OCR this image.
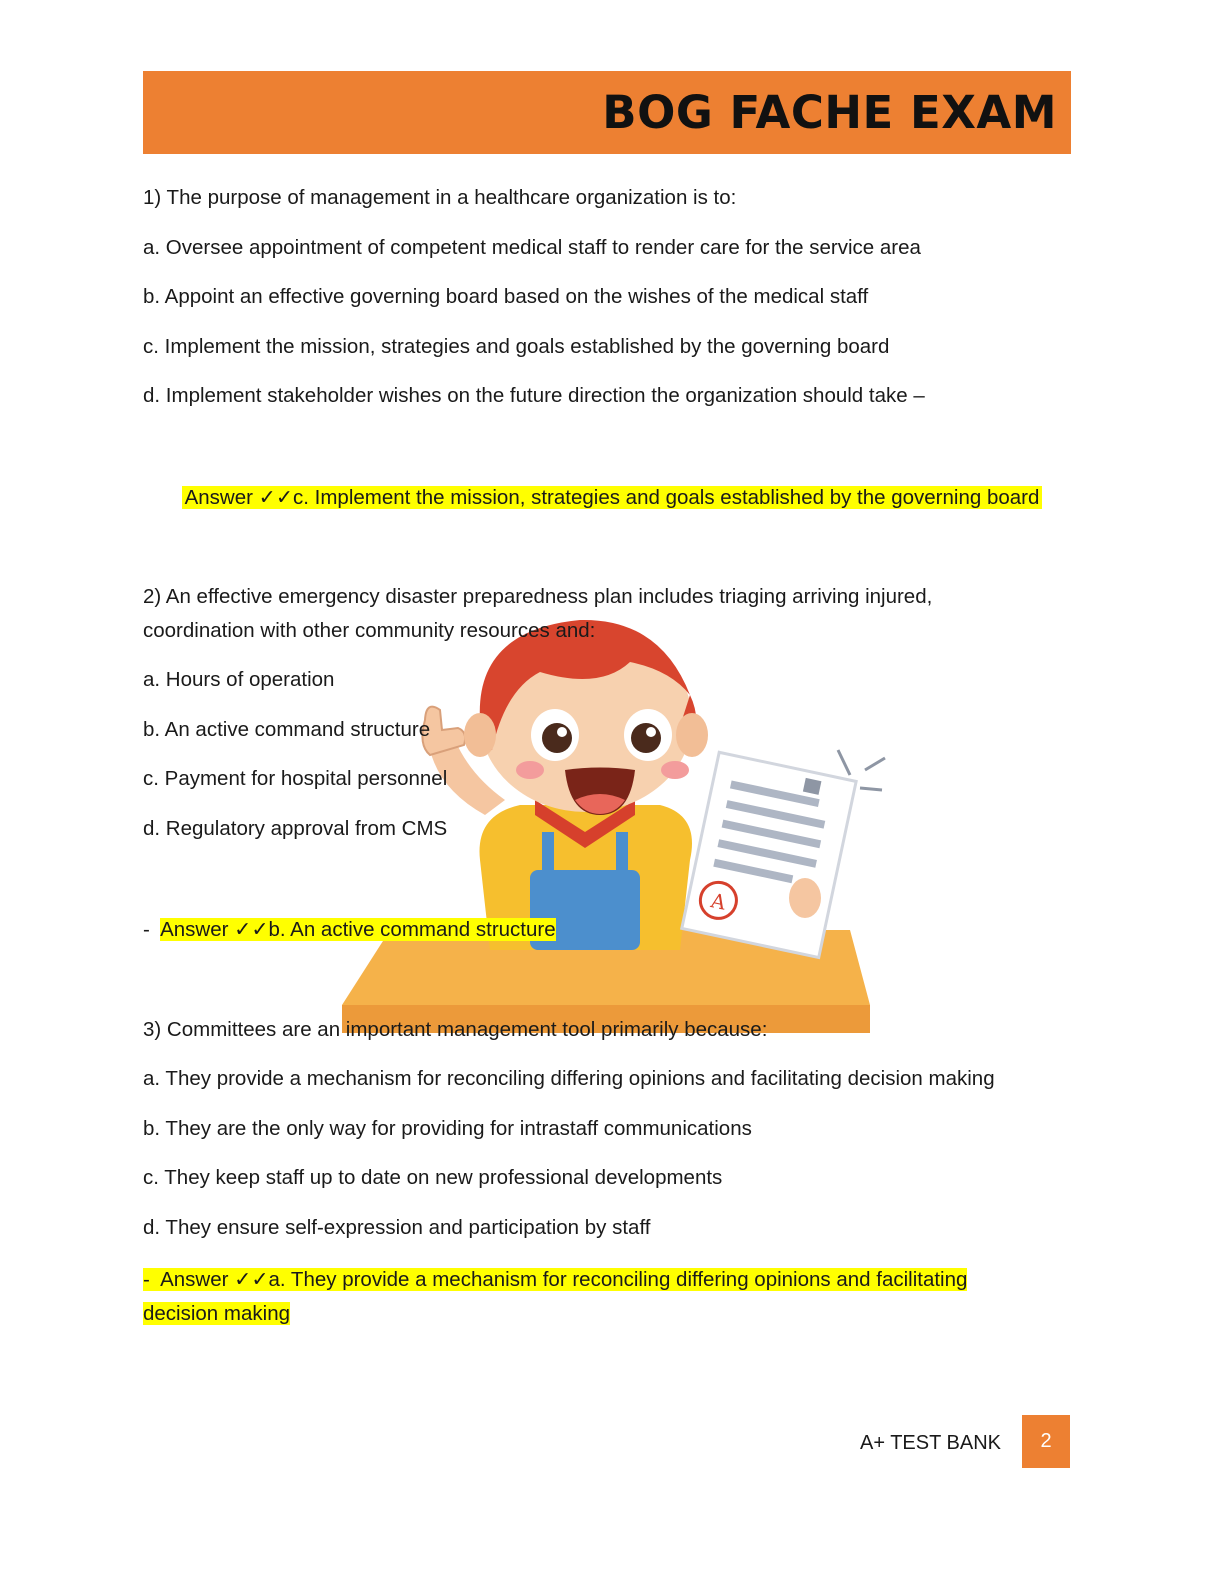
BOG FACHE EXAM
A
1) The purpose of management in a healthcare organization is to:
a. Oversee appointment of competent medical staff to render care for the service area
b. Appoint an effective governing board based on the wishes of the medical staff
c. Implement the mission, strategies and goals established by the governing board
d. Implement stakeholder wishes on the future direction the organization should take –
Answer ✓✓c. Implement the mission, strategies and goals established by the governing board
2) An effective emergency disaster preparedness plan includes triaging arriving injured,
coordination with other community resources and:
a. Hours of operation
b. An active command structure
c. Payment for hospital personnel
d. Regulatory approval from CMS
- Answer ✓✓b. An active command structure
3) Committees are an important management tool primarily because:
a. They provide a mechanism for reconciling differing opinions and facilitating decision making
b. They are the only way for providing for intrastaff communications
c. They keep staff up to date on new professional developments
d. They ensure self-expression and participation by staff
- Answer ✓✓a. They provide a mechanism for reconciling differing opinions and facilitating
decision making
A+ TEST BANK	2
